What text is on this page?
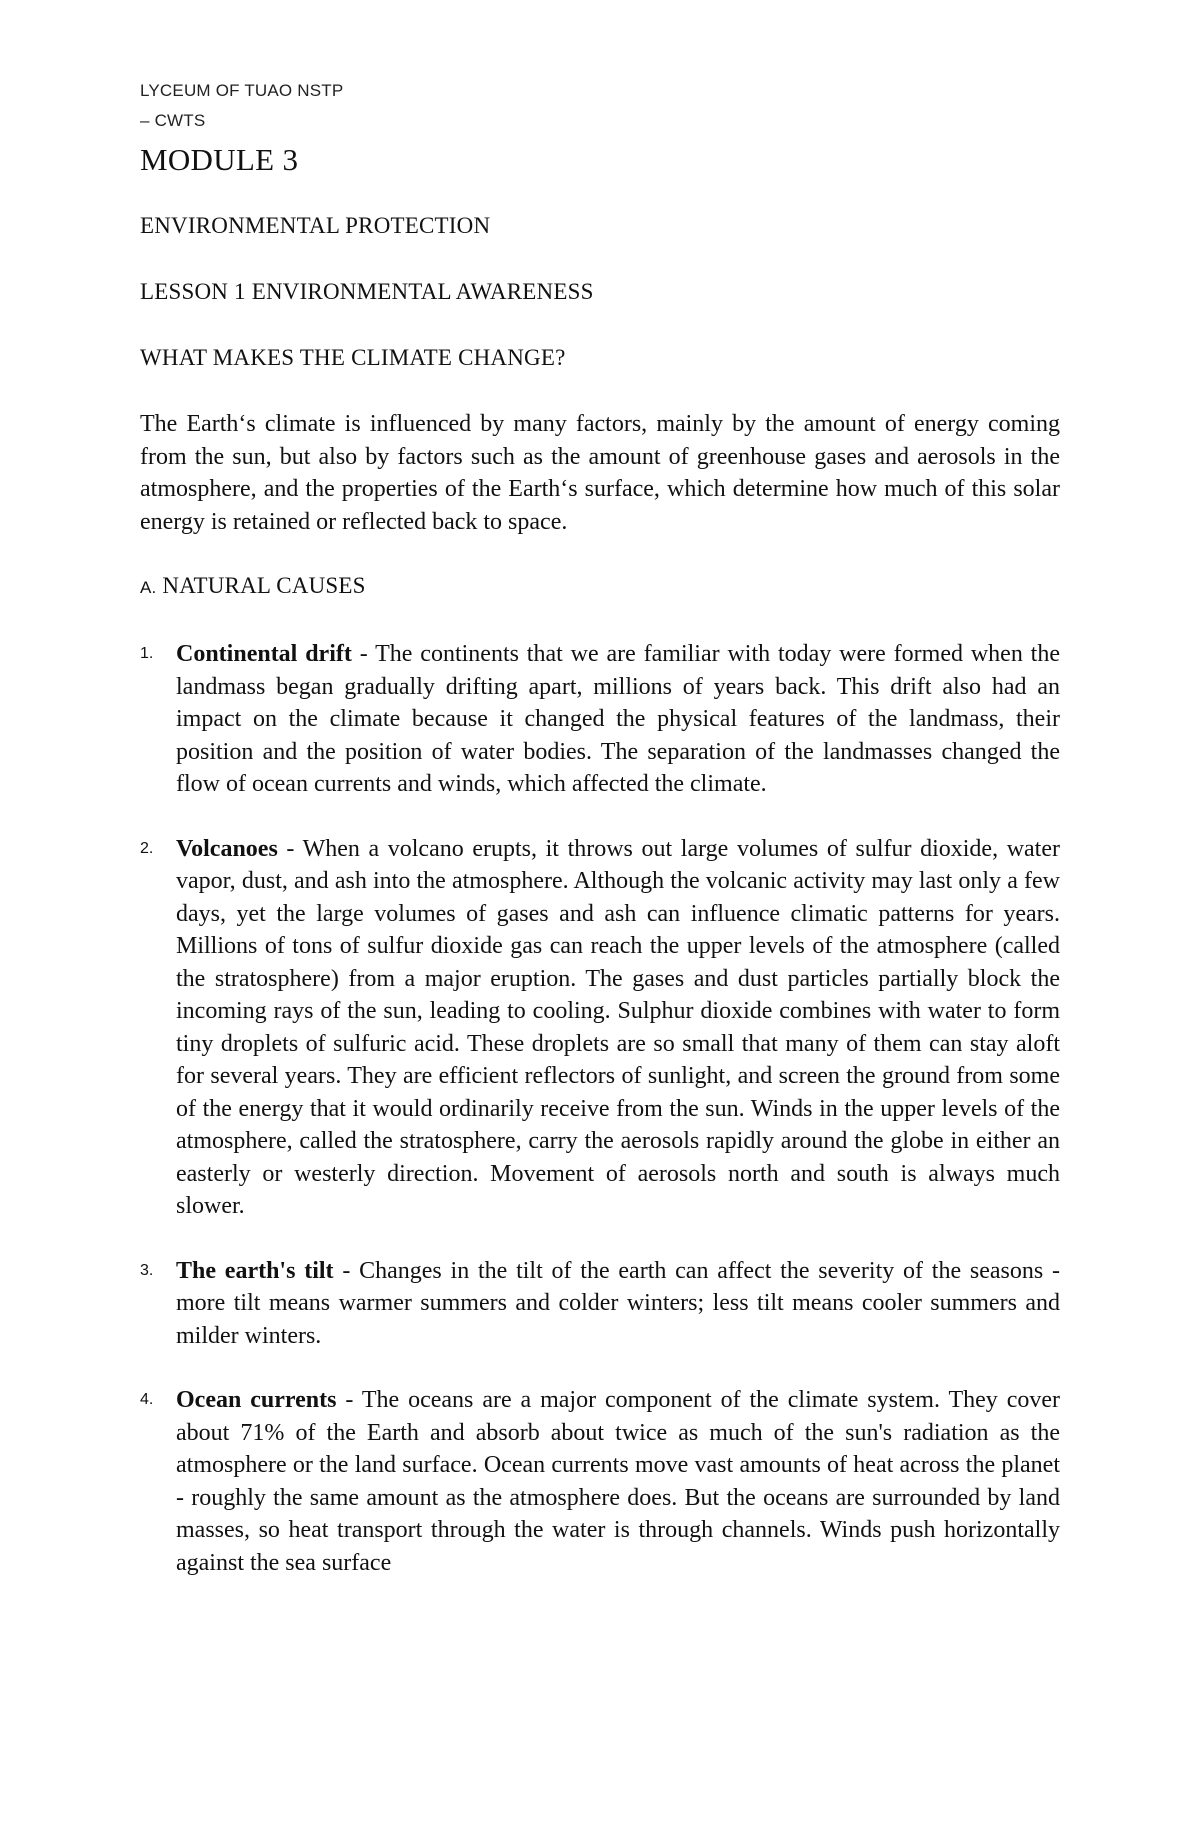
LYCEUM OF TUAO NSTP
– CWTS
MODULE 3
ENVIRONMENTAL PROTECTION
LESSON 1 ENVIRONMENTAL AWARENESS
WHAT MAKES THE CLIMATE CHANGE?

The Earth‘s climate is influenced by many factors, mainly by the amount of energy coming from the sun, but also by factors such as the amount of greenhouse gases and aerosols in the atmosphere, and the properties of the Earth‘s surface, which determine how much of this solar energy is retained or reflected back to space.

A. NATURAL CAUSES
1. Continental drift - The continents that we are familiar with today were formed when the landmass began gradually drifting apart, millions of years back. This drift also had an impact on the climate because it changed the physical features of the landmass, their position and the position of water bodies. The separation of the landmasses changed the flow of ocean currents and winds, which affected the climate.
2. Volcanoes - When a volcano erupts, it throws out large volumes of sulfur dioxide, water vapor, dust, and ash into the atmosphere. Although the volcanic activity may last only a few days, yet the large volumes of gases and ash can influence climatic patterns for years. Millions of tons of sulfur dioxide gas can reach the upper levels of the atmosphere (called the stratosphere) from a major eruption. The gases and dust particles partially block the incoming rays of the sun, leading to cooling. Sulphur dioxide combines with water to form tiny droplets of sulfuric acid. These droplets are so small that many of them can stay aloft for several years. They are efficient reflectors of sunlight, and screen the ground from some of the energy that it would ordinarily receive from the sun. Winds in the upper levels of the atmosphere, called the stratosphere, carry the aerosols rapidly around the globe in either an easterly or westerly direction. Movement of aerosols north and south is always much slower.
3. The earth's tilt - Changes in the tilt of the earth can affect the severity of the seasons - more tilt means warmer summers and colder winters; less tilt means cooler summers and milder winters.
4. Ocean currents - The oceans are a major component of the climate system. They cover about 71% of the Earth and absorb about twice as much of the sun's radiation as the atmosphere or the land surface. Ocean currents move vast amounts of heat across the planet - roughly the same amount as the atmosphere does. But the oceans are surrounded by land masses, so heat transport through the water is through channels. Winds push horizontally against the sea surface
